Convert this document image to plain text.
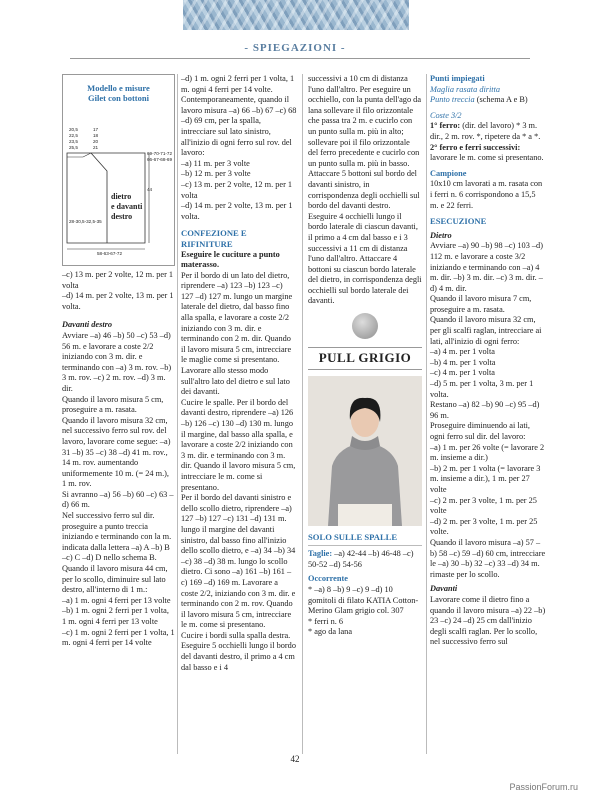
- SPIEGAZIONI -
Modello e misure
Gilet con bottoni
20,5
22,5
23,5
25,5
17
18
20
21
69-70-71-72
66-67-68-69
44
28-30,5-32,5-35
58-63-67-72
dietro
e davanti
destro

–c) 13 m. per 2 volte, 12 m. per 1 volta

–d) 14 m. per 2 volte, 13 m. per 1 volta.

Davanti destro

Avviare –a) 46 –b) 50 –c) 53 –d) 56 m. e lavorare a coste 2/2 iniziando con 3 m. dir. e terminando con –a) 3 m. rov. –b) 3 m. rov. –c) 2 m. rov. –d) 3 m. dir.

Quando il lavoro misura 5 cm, proseguire a m. rasata.

Quando il lavoro misura 32 cm, nel successivo ferro sul rov. del lavoro, lavorare come segue: –a) 31 –b) 35 –c) 38 –d) 41 m. rov., 14 m. rov. aumentando uniformemente 10 m. (= 24 m.), 1 m. rov.

Si avranno –a) 56 –b) 60 –c) 63 –d) 66 m.

Nel successivo ferro sul dir. proseguire a punto treccia iniziando e terminando con la m. indicata dalla lettera –a) A –b) B –c) C –d) D nello schema B.

Quando il lavoro misura 44 cm, per lo scollo, diminuire sul lato destro, all'interno di 1 m.:

–a) 1 m. ogni 4 ferri per 13 volte

–b) 1 m. ogni 2 ferri per 1 volta, 1 m. ogni 4 ferri per 13 volte

–c) 1 m. ogni 2 ferri per 1 volta, 1 m. ogni 4 ferri per 14 volte

–d) 1 m. ogni 2 ferri per 1 volta, 1 m. ogni 4 ferri per 14 volte.

Contemporaneamente, quando il lavoro misura –a) 66 –b) 67 –c) 68 –d) 69 cm, per la spalla, intrecciare sul lato sinistro, all'inizio di ogni ferro sul rov. del lavoro:

–a) 11 m. per 3 volte

–b) 12 m. per 3 volte

–c) 13 m. per 2 volte, 12 m. per 1 volta

–d) 14 m. per 2 volte, 13 m. per 1 volta.

CONFEZIONE E RIFINITURE

Eseguire le cuciture a punto materasso.

Per il bordo di un lato del dietro, riprendere –a) 123 –b) 123 –c) 127 –d) 127 m. lungo un margine laterale del dietro, dal basso fino alla spalla, e lavorare a coste 2/2 iniziando con 3 m. dir. e terminando con 2 m. dir. Quando il lavoro misura 5 cm, intrecciare le maglie come si presentano. Lavorare allo stesso modo sull'altro lato del dietro e sul lato dei davanti.

Cucire le spalle. Per il bordo del davanti destro, riprendere –a) 126 –b) 126 –c) 130 –d) 130 m. lungo il margine, dal basso alla spalla, e lavorare a coste 2/2 iniziando con 3 m. dir. e terminando con 3 m. dir. Quando il lavoro misura 5 cm, intrecciare le m. come si presentano.

Per il bordo del davanti sinistro e dello scollo dietro, riprendere –a) 127 –b) 127 –c) 131 –d) 131 m. lungo il margine del davanti sinistro, dal basso fino all'inizio dello scollo dietro, e –a) 34 –b) 34 –c) 38 –d) 38 m. lungo lo scollo dietro. Ci sono –a) 161 –b) 161 –c) 169 –d) 169 m. Lavorare a coste 2/2, iniziando con 3 m. dir. e terminando con 2 m. rov. Quando il lavoro misura 5 cm, intrecciare le m. come si presentano.

Cucire i bordi sulla spalla destra. Eseguire 5 occhielli lungo il bordo del davanti destro, il primo a 4 cm dal basso e i 4

successivi a 10 cm di distanza l'uno dall'altro. Per eseguire un occhiello, con la punta dell'ago da lana sollevare il filo orizzontale che passa tra 2 m. e cucirlo con un punto sulla m. più in alto; sollevare poi il filo orizzontale del ferro precedente e cucirlo con un punto sulla m. più in basso. Attaccare 5 bottoni sul bordo del davanti sinistro, in corrispondenza degli occhielli sul bordo del davanti destro.

Eseguire 4 occhielli lungo il bordo laterale di ciascun davanti, il primo a 4 cm dal basso e i 3 successivi a 11 cm di distanza l'uno dall'altro. Attaccare 4 bottoni su ciascun bordo laterale del dietro, in corrispondenza degli occhielli sul bordo laterale dei davanti.

PULL GRIGIO

SOLO SULLE SPALLE

Taglie: –a) 42-44 –b) 46-48 –c) 50-52 –d) 54-56

Occorrente

* –a) 8 –b) 9 –c) 9 –d) 10 gomitoli di filato KATIA Cotton-Merino Glam grigio col. 307

* ferri n. 6

* ago da lana

Punti impiegati

Maglia rasata diritta

Punto treccia (schema A e B)

Coste 3/2

1° ferro: (dir. del lavoro) * 3 m. dir., 2 m. rov. *, ripetere da * a *.

2° ferro e ferri successivi: lavorare le m. come si presentano.

Campione

10x10 cm lavorati a m. rasata con i ferri n. 6 corrispondono a 15,5 m. e 22 ferri.

ESECUZIONE

Dietro

Avviare –a) 90 –b) 98 –c) 103 –d) 112 m. e lavorare a coste 3/2 iniziando e terminando con –a) 4 m. dir. –b) 3 m. dir. –c) 3 m. dir. –d) 4 m. dir.

Quando il lavoro misura 7 cm, proseguire a m. rasata.

Quando il lavoro misura 32 cm, per gli scalfi raglan, intrecciare ai lati, all'inizio di ogni ferro:

–a) 4 m. per 1 volta

–b) 4 m. per 1 volta

–c) 4 m. per 1 volta

–d) 5 m. per 1 volta, 3 m. per 1 volta.

Restano –a) 82 –b) 90 –c) 95 –d) 96 m.

Proseguire diminuendo ai lati, ogni ferro sul dir. del lavoro:

–a) 1 m. per 26 volte (= lavorare 2 m. insieme a dir.)

–b) 2 m. per 1 volta (= lavorare 3 m. insieme a dir.), 1 m. per 27 volte

–c) 2 m. per 3 volte, 1 m. per 25 volte

–d) 2 m. per 3 volte, 1 m. per 25 volte.

Quando il lavoro misura –a) 57 –b) 58 –c) 59 –d) 60 cm, intrecciare le –a) 30 –b) 32 –c) 33 –d) 34 m. rimaste per lo scollo.

Davanti

Lavorare come il dietro fino a quando il lavoro misura –a) 22 –b) 23 –c) 24 –d) 25 cm dall'inizio degli scalfi raglan. Per lo scollo, nel successivo ferro sul

42
PassionForum.ru
